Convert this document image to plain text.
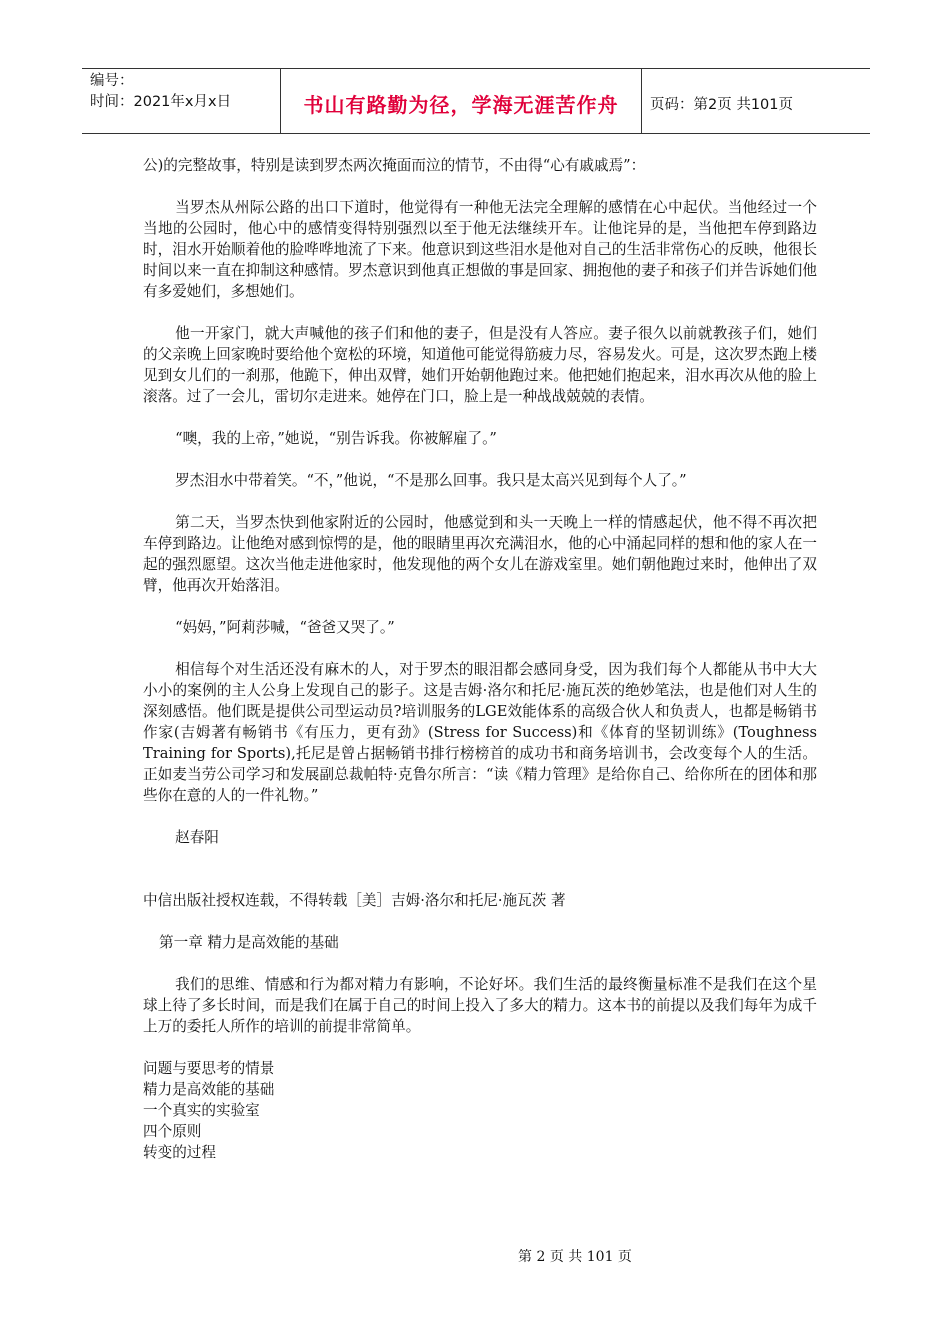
编号：
时间：2021年x月x日	书山有路勤为径，学海无涯苦作舟	页码：第2页 共101页

公)的完整故事，特别是读到罗杰两次掩面而泣的情节，不由得“心有戚戚焉”：

当罗杰从州际公路的出口下道时，他觉得有一种他无法完全理解的感情在心中起伏。当他经过一个当地的公园时，他心中的感情变得特别强烈以至于他无法继续开车。让他诧异的是，当他把车停到路边时，泪水开始顺着他的脸哗哗地流了下来。他意识到这些泪水是他对自己的生活非常伤心的反映，他很长时间以来一直在抑制这种感情。罗杰意识到他真正想做的事是回家、拥抱他的妻子和孩子们并告诉她们他有多爱她们，多想她们。

他一开家门，就大声喊他的孩子们和他的妻子，但是没有人答应。妻子很久以前就教孩子们，她们的父亲晚上回家晚时要给他个宽松的环境，知道他可能觉得筋疲力尽，容易发火。可是，这次罗杰跑上楼见到女儿们的一刹那，他跪下，伸出双臂，她们开始朝他跑过来。他把她们抱起来，泪水再次从他的脸上滚落。过了一会儿，雷切尔走进来。她停在门口，脸上是一种战战兢兢的表情。

“噢，我的上帝，”她说，“别告诉我。你被解雇了。”

罗杰泪水中带着笑。“不，”他说，“不是那么回事。我只是太高兴见到每个人了。”

第二天，当罗杰快到他家附近的公园时，他感觉到和头一天晚上一样的情感起伏，他不得不再次把车停到路边。让他绝对感到惊愕的是，他的眼睛里再次充满泪水，他的心中涌起同样的想和他的家人在一起的强烈愿望。这次当他走进他家时，他发现他的两个女儿在游戏室里。她们朝他跑过来时，他伸出了双臂，他再次开始落泪。

“妈妈，”阿莉莎喊，“爸爸又哭了。”

相信每个对生活还没有麻木的人，对于罗杰的眼泪都会感同身受，因为我们每个人都能从书中大大小小的案例的主人公身上发现自己的影子。这是吉姆·洛尔和托尼·施瓦茨的绝妙笔法，也是他们对人生的深刻感悟。他们既是提供公司型运动员?培训服务的LGE效能体系的高级合伙人和负责人，也都是畅销书作家(吉姆著有畅销书《有压力，更有劲》(Stress for Success)和《体育的坚韧训练》(Toughness Training for Sports),托尼是曾占据畅销书排行榜榜首的成功书和商务培训书，会改变每个人的生活。正如麦当劳公司学习和发展副总裁帕特·克鲁尔所言：“读《精力管理》是给你自己、给你所在的团体和那些你在意的人的一件礼物。”

赵春阳

中信出版社授权连载，不得转载［美］吉姆·洛尔和托尼·施瓦茨 著

第一章 精力是高效能的基础

我们的思维、情感和行为都对精力有影响，不论好坏。我们生活的最终衡量标准不是我们在这个星球上待了多长时间，而是我们在属于自己的时间上投入了多大的精力。这本书的前提以及我们每年为成千上万的委托人所作的培训的前提非常简单。

问题与要思考的情景

精力是高效能的基础

一个真实的实验室

四个原则

转变的过程

第 2 页 共 101 页
